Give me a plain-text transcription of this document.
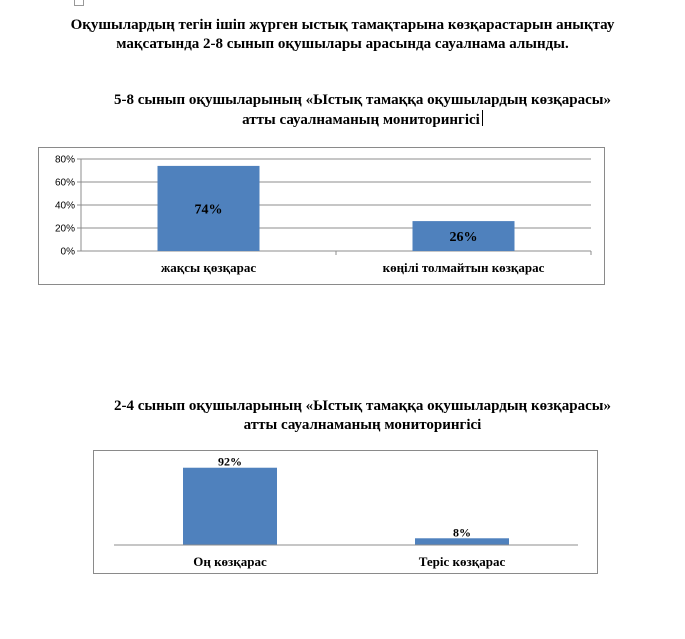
Оқушылардың тегін ішіп жүрген ыстық тамақтарына көзқарастарын анықтау
мақсатында 2-8 сынып оқушылары арасында сауалнама алынды.
5-8 сынып оқушыларының «Ыстық тамаққа оқушылардың көзқарасы»
атты сауалнаманың мониторингісі
0%
20%
40%
60%
80%
74%
жақсы қөзқарас
26%
көңілі толмайтын көзқарас
2-4 сынып оқушыларының «Ыстық тамаққа оқушылардың көзқарасы»
атты сауалнаманың мониторингісі
92%
Оң көзқарас
8%
Теріс көзқарас
